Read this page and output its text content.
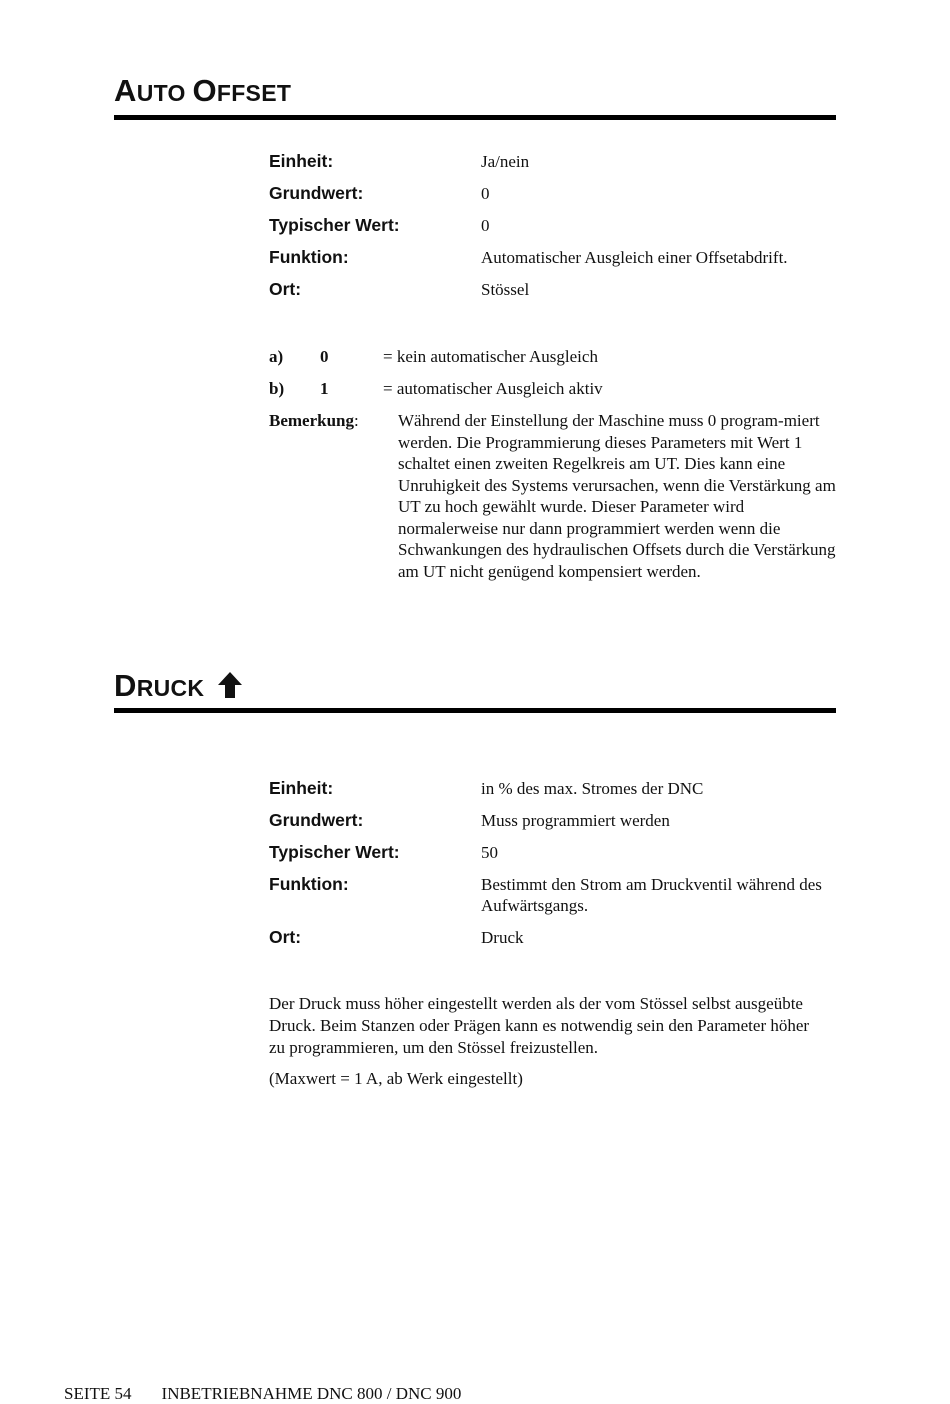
AUTO OFFSET
Einheit:	Ja/nein
Grundwert:	0
Typischer Wert:	0
Funktion:	Automatischer Ausgleich einer Offsetabdrift.
Ort:	Stössel
a)	0	= kein automatischer Ausgleich
b)	1	= automatischer Ausgleich aktiv
Bemerkung:	Während der Einstellung der Maschine muss 0 program-miert werden. Die Programmierung dieses Parameters mit Wert 1 schaltet einen zweiten Regelkreis am UT. Dies kann eine Unruhigkeit des Systems verursachen, wenn die Verstärkung am UT zu hoch gewählt wurde. Dieser Parameter wird normalerweise nur dann programmiert werden wenn die Schwankungen des hydraulischen Offsets durch die Verstärkung am UT nicht genügend kompensiert werden.
DRUCK
Einheit:	in % des max. Stromes der DNC
Grundwert:	Muss programmiert werden
Typischer Wert:	50
Funktion:	Bestimmt den Strom am Druckventil während des Aufwärtsgangs.
Ort:	Druck
Der Druck muss höher eingestellt werden als der vom Stössel selbst ausgeübte Druck. Beim Stanzen oder Prägen kann es notwendig sein den Parameter höher zu programmieren, um den Stössel freizustellen.
(Maxwert = 1 A, ab Werk eingestellt)
SEITE 54 INBETRIEBNAHME DNC 800 / DNC 900
